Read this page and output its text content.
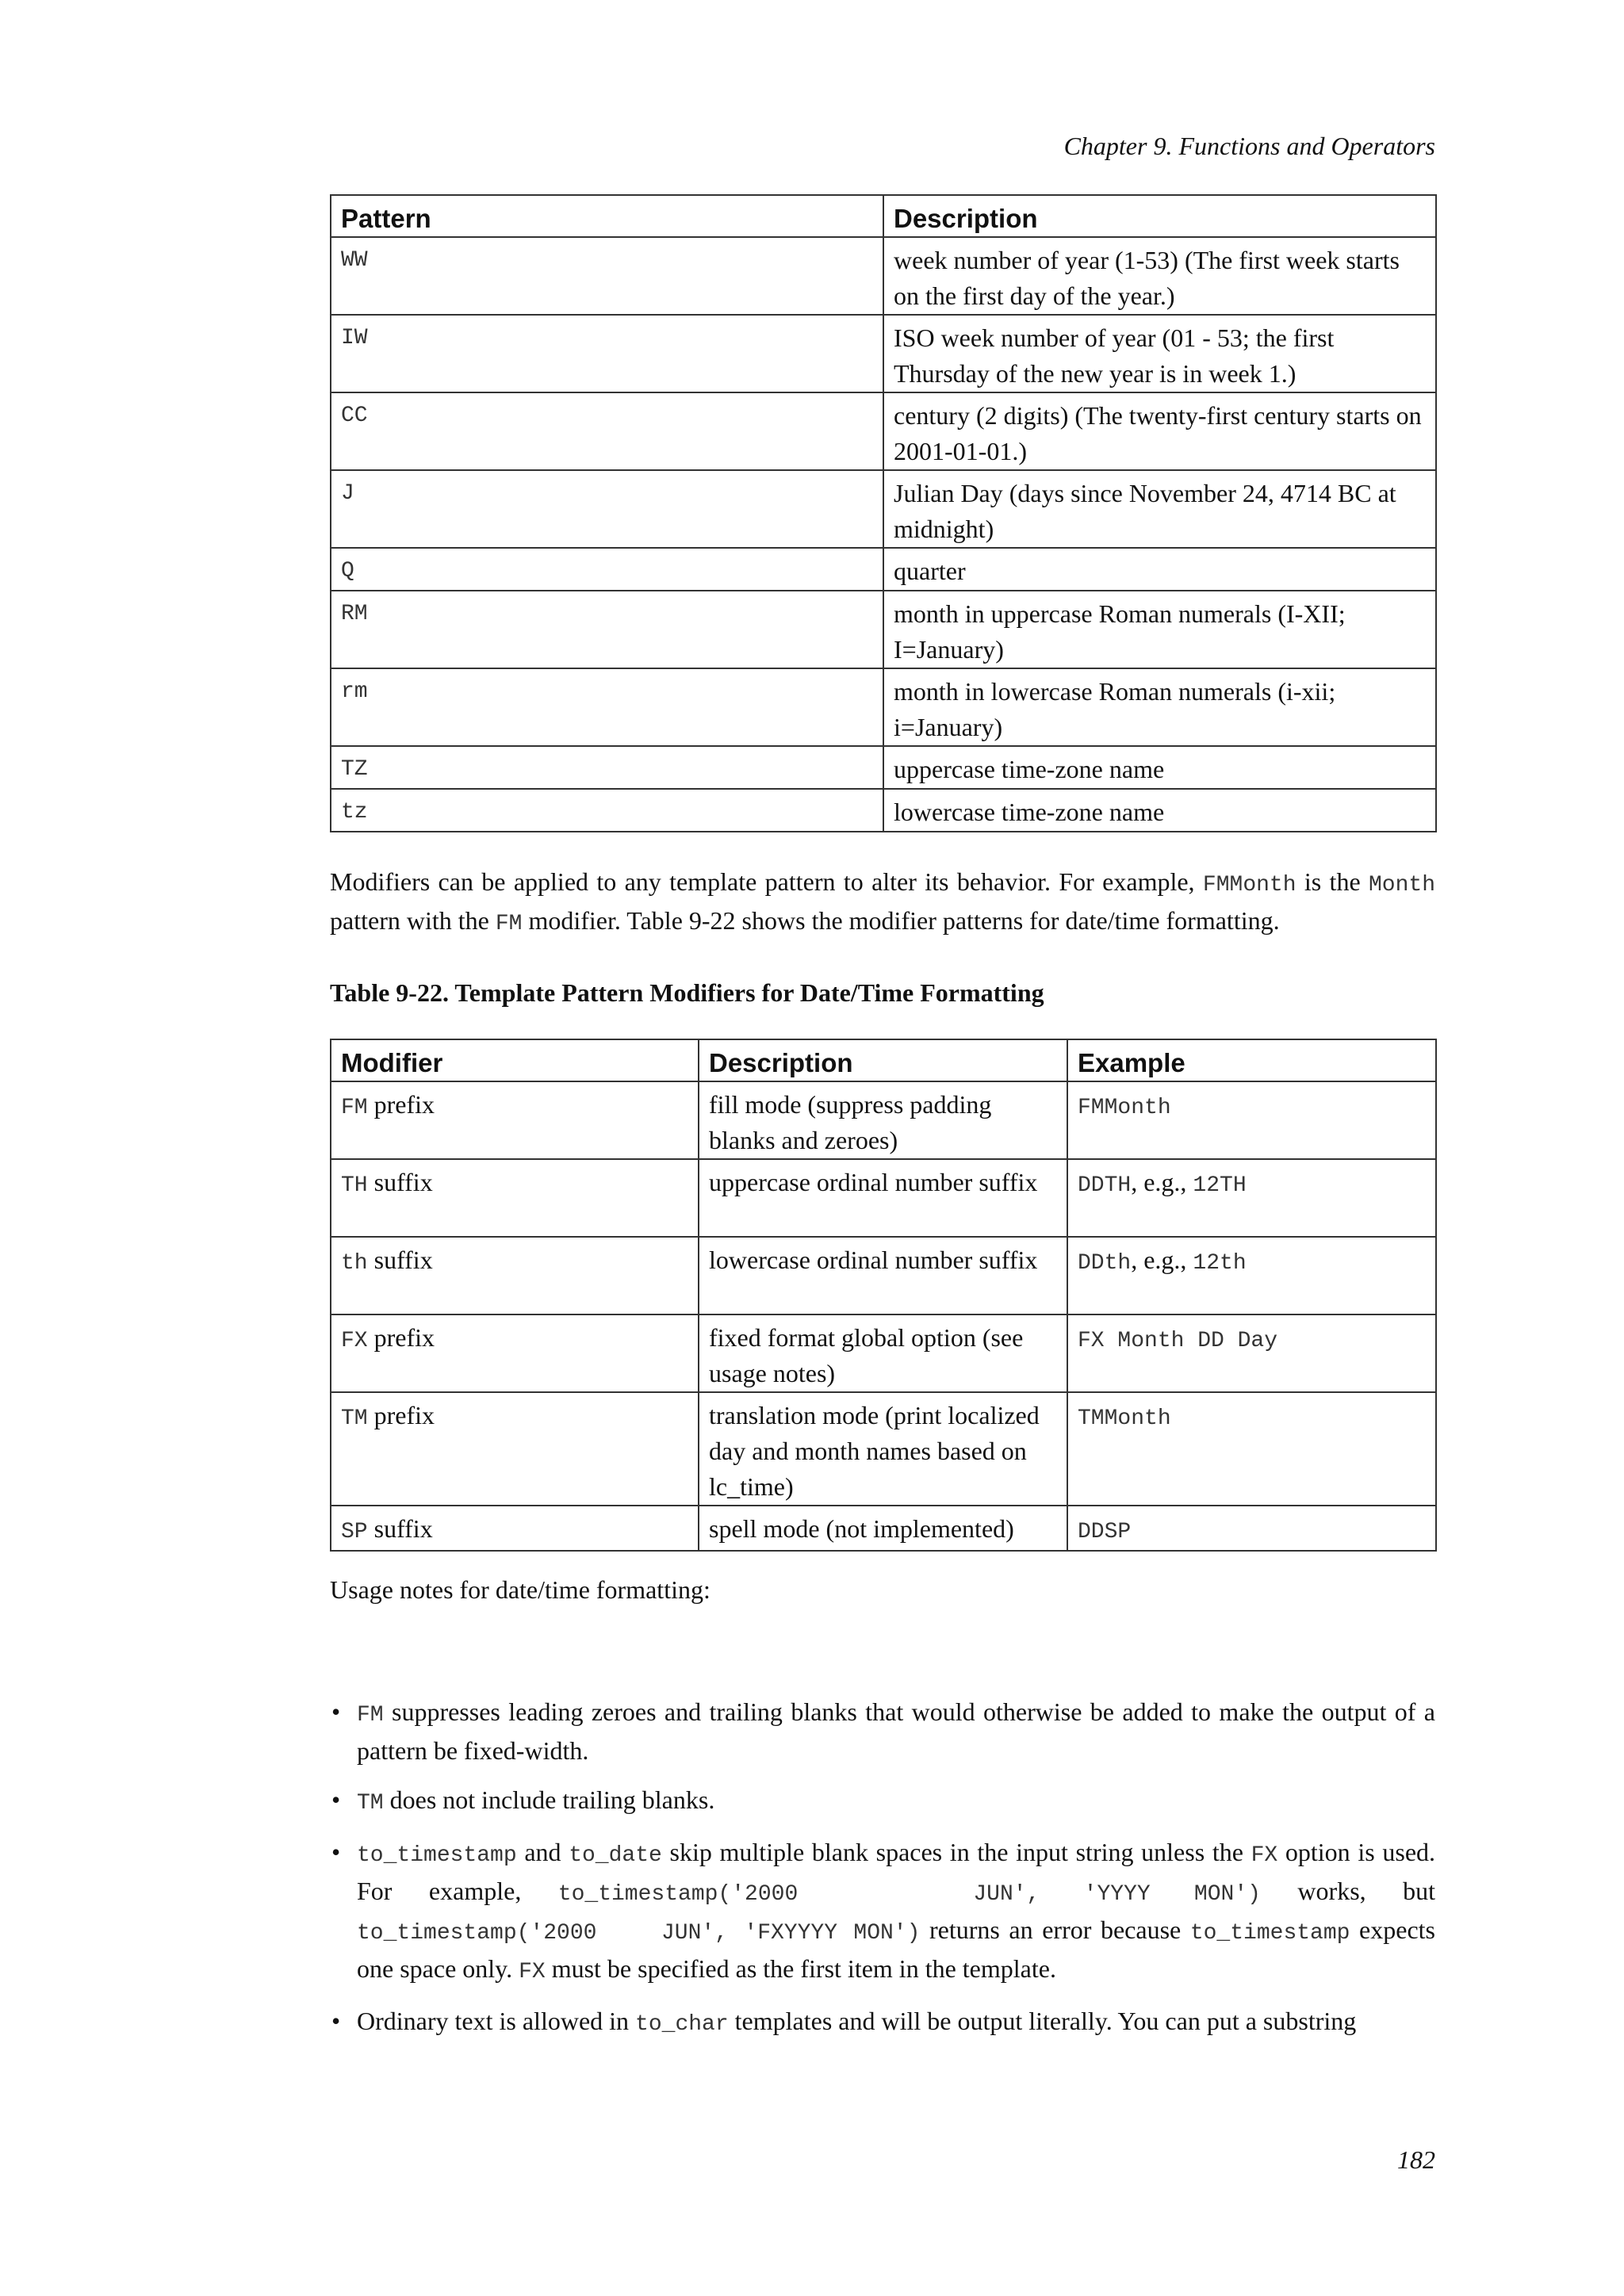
Chapter 9. Functions and Operators
Pattern	Description
WW	week number of year (1-53) (The first week starts on the first day of the year.)
IW	ISO week number of year (01 - 53; the first Thursday of the new year is in week 1.)
CC	century (2 digits) (The twenty-first century starts on 2001-01-01.)
J	Julian Day (days since November 24, 4714 BC at midnight)
Q	quarter
RM	month in uppercase Roman numerals (I-XII; I=January)
rm	month in lowercase Roman numerals (i-xii; i=January)
TZ	uppercase time-zone name
tz	lowercase time-zone name

Modifiers can be applied to any template pattern to alter its behavior. For example, FMMonth is the Month pattern with the FM modifier. Table 9-22 shows the modifier patterns for date/time formatting.

Table 9-22. Template Pattern Modifiers for Date/Time Formatting

Modifier	Description	Example
FM prefix	fill mode (suppress padding blanks and zeroes)	FMMonth
TH suffix	uppercase ordinal number suffix	DDTH, e.g., 12TH
th suffix	lowercase ordinal number suffix	DDth, e.g., 12th
FX prefix	fixed format global option (see usage notes)	FX Month DD Day
TM prefix	translation mode (print localized day and month names based on lc_time)	TMMonth
SP suffix	spell mode (not implemented)	DDSP

Usage notes for date/time formatting:

• FM suppresses leading zeroes and trailing blanks that would otherwise be added to make the output of a pattern be fixed-width.
• TM does not include trailing blanks.
• to_timestamp and to_date skip multiple blank spaces in the input string unless the FX option is used. For example, to_timestamp('2000    JUN', 'YYYY MON') works, but to_timestamp('2000    JUN', 'FXYYYY MON') returns an error because to_timestamp expects one space only. FX must be specified as the first item in the template.
• Ordinary text is allowed in to_char templates and will be output literally. You can put a substring
182
